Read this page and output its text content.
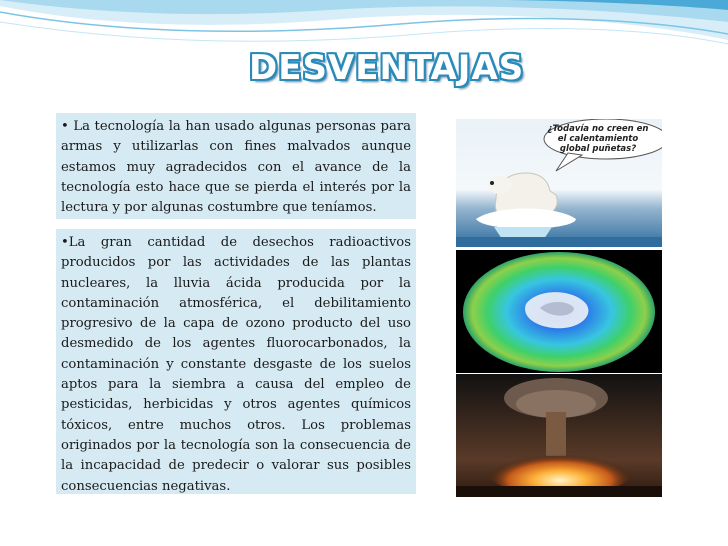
DESVENTAJAS
• La tecnología la han usado algunas personas para armas y utilizarlas con fines malvados aunque estamos muy agradecidos con el avance de la tecnología esto hace que se pierda el interés por la lectura y por algunas costumbre que teníamos.
•La gran cantidad de desechos radioactivos producidos por las actividades de las plantas nucleares, la lluvia ácida producida por la contaminación atmosférica, el debilitamiento progresivo de la capa de ozono producto del uso desmedido de los agentes fluorocarbonados, la contaminación y constante desgaste de los suelos aptos para la siembra a causa del empleo de pesticidas, herbicidas y otros agentes químicos tóxicos, entre muchos otros. Los problemas originados por la tecnología son la consecuencia de la incapacidad de predecir o valorar sus posibles consecuencias negativas.
¿Todavía no creen en el calentamiento global puñetas?
